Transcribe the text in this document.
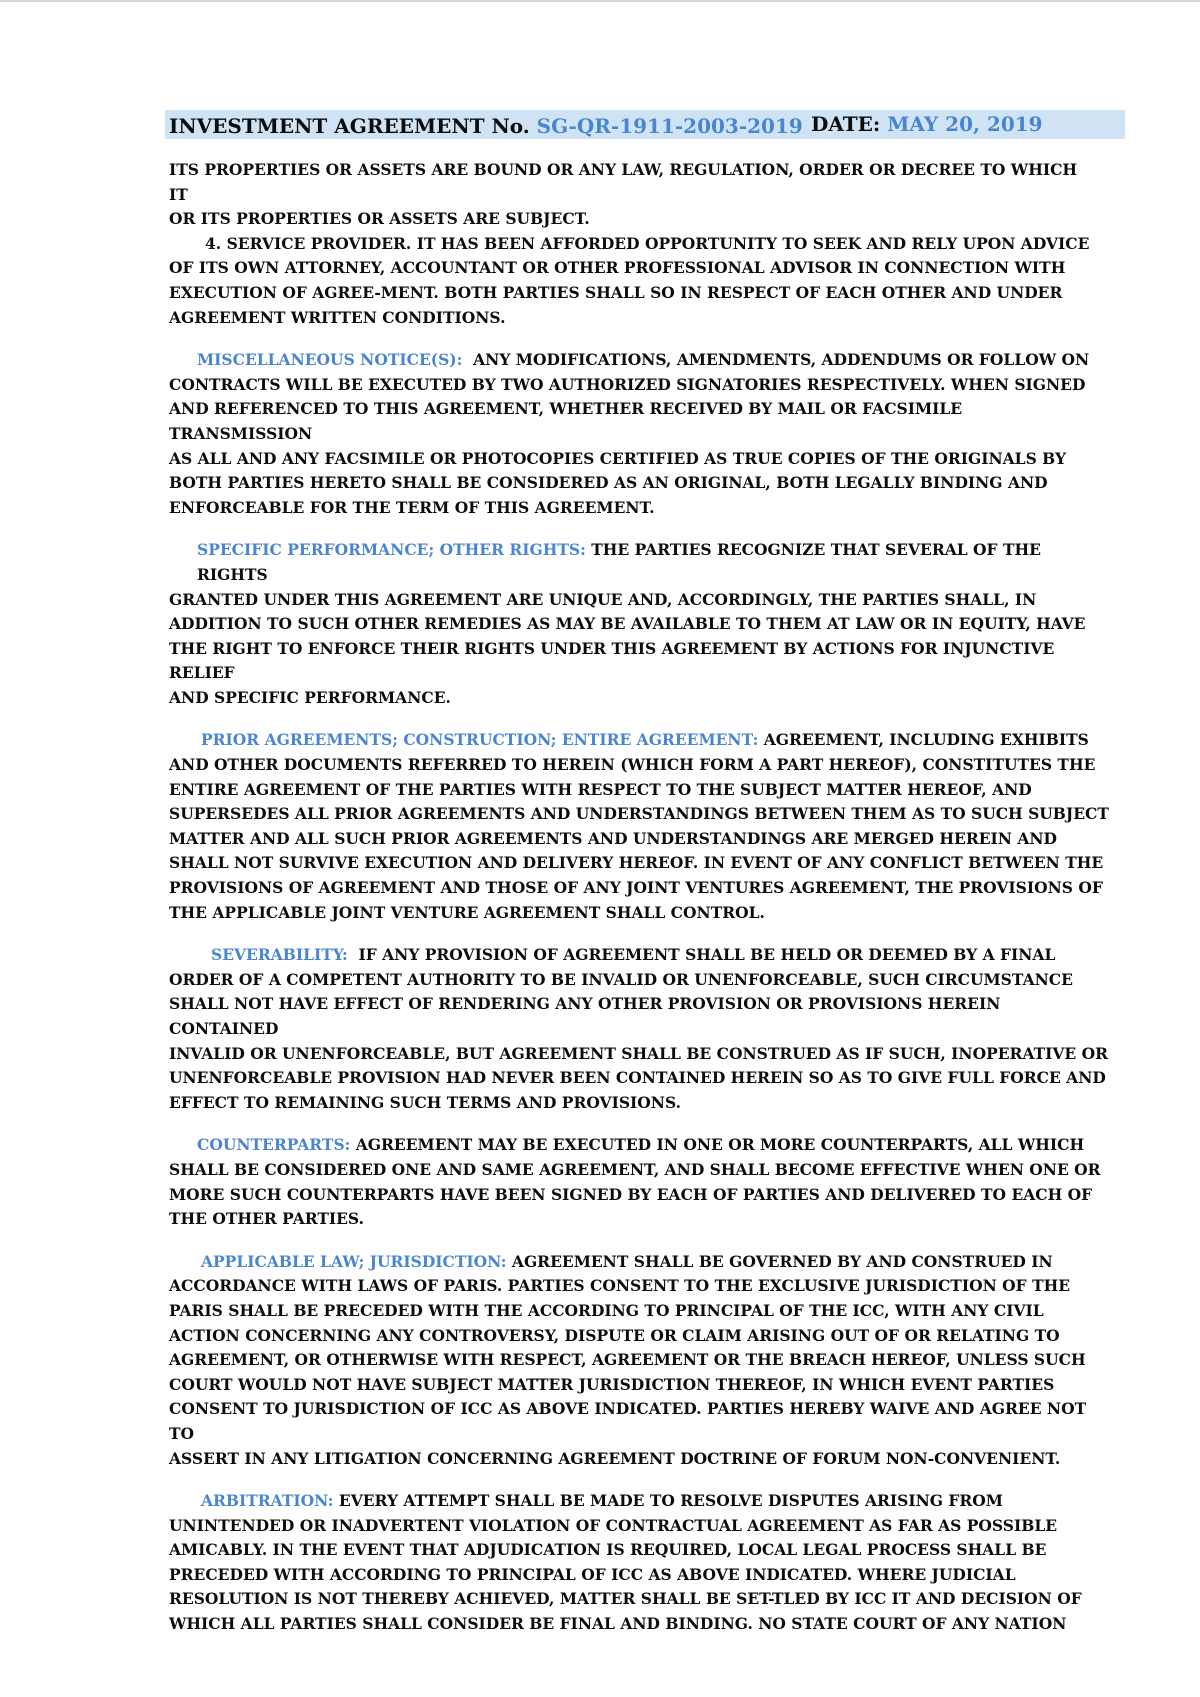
INVESTMENT AGREEMENT No. SG-QR-1911-2003-2019 DATE: MAY 20, 2019
ITS PROPERTIES OR ASSETS ARE BOUND OR ANY LAW, REGULATION, ORDER OR DECREE TO WHICH
IT
OR ITS PROPERTIES OR ASSETS ARE SUBJECT.
4. SERVICE PROVIDER. IT HAS BEEN AFFORDED OPPORTUNITY TO SEEK AND RELY UPON ADVICE
OF ITS OWN ATTORNEY, ACCOUNTANT OR OTHER PROFESSIONAL ADVISOR IN CONNECTION WITH
EXECUTION OF AGREE-MENT. BOTH PARTIES SHALL SO IN RESPECT OF EACH OTHER AND UNDER
AGREEMENT WRITTEN CONDITIONS.
MISCELLANEOUS NOTICE(S): ANY MODIFICATIONS, AMENDMENTS, ADDENDUMS OR FOLLOW ON
CONTRACTS WILL BE EXECUTED BY TWO AUTHORIZED SIGNATORIES RESPECTIVELY. WHEN SIGNED
AND REFERENCED TO THIS AGREEMENT, WHETHER RECEIVED BY MAIL OR FACSIMILE
TRANSMISSION
AS ALL AND ANY FACSIMILE OR PHOTOCOPIES CERTIFIED AS TRUE COPIES OF THE ORIGINALS BY
BOTH PARTIES HERETO SHALL BE CONSIDERED AS AN ORIGINAL, BOTH LEGALLY BINDING AND
ENFORCEABLE FOR THE TERM OF THIS AGREEMENT.
SPECIFIC PERFORMANCE; OTHER RIGHTS: THE PARTIES RECOGNIZE THAT SEVERAL OF THE
RIGHTS
GRANTED UNDER THIS AGREEMENT ARE UNIQUE AND, ACCORDINGLY, THE PARTIES SHALL, IN
ADDITION TO SUCH OTHER REMEDIES AS MAY BE AVAILABLE TO THEM AT LAW OR IN EQUITY, HAVE
THE RIGHT TO ENFORCE THEIR RIGHTS UNDER THIS AGREEMENT BY ACTIONS FOR INJUNCTIVE
RELIEF
AND SPECIFIC PERFORMANCE.
PRIOR AGREEMENTS; CONSTRUCTION; ENTIRE AGREEMENT: AGREEMENT, INCLUDING EXHIBITS
AND OTHER DOCUMENTS REFERRED TO HEREIN (WHICH FORM A PART HEREOF), CONSTITUTES THE
ENTIRE AGREEMENT OF THE PARTIES WITH RESPECT TO THE SUBJECT MATTER HEREOF, AND
SUPERSEDES ALL PRIOR AGREEMENTS AND UNDERSTANDINGS BETWEEN THEM AS TO SUCH SUBJECT
MATTER AND ALL SUCH PRIOR AGREEMENTS AND UNDERSTANDINGS ARE MERGED HEREIN AND
SHALL NOT SURVIVE EXECUTION AND DELIVERY HEREOF. IN EVENT OF ANY CONFLICT BETWEEN THE
PROVISIONS OF AGREEMENT AND THOSE OF ANY JOINT VENTURES AGREEMENT, THE PROVISIONS OF
THE APPLICABLE JOINT VENTURE AGREEMENT SHALL CONTROL.
SEVERABILITY: IF ANY PROVISION OF AGREEMENT SHALL BE HELD OR DEEMED BY A FINAL
ORDER OF A COMPETENT AUTHORITY TO BE INVALID OR UNENFORCEABLE, SUCH CIRCUMSTANCE
SHALL NOT HAVE EFFECT OF RENDERING ANY OTHER PROVISION OR PROVISIONS HEREIN
CONTAINED
INVALID OR UNENFORCEABLE, BUT AGREEMENT SHALL BE CONSTRUED AS IF SUCH, INOPERATIVE OR
UNENFORCEABLE PROVISION HAD NEVER BEEN CONTAINED HEREIN SO AS TO GIVE FULL FORCE AND
EFFECT TO REMAINING SUCH TERMS AND PROVISIONS.
COUNTERPARTS: AGREEMENT MAY BE EXECUTED IN ONE OR MORE COUNTERPARTS, ALL WHICH
SHALL BE CONSIDERED ONE AND SAME AGREEMENT, AND SHALL BECOME EFFECTIVE WHEN ONE OR
MORE SUCH COUNTERPARTS HAVE BEEN SIGNED BY EACH OF PARTIES AND DELIVERED TO EACH OF
THE OTHER PARTIES.
APPLICABLE LAW; JURISDICTION: AGREEMENT SHALL BE GOVERNED BY AND CONSTRUED IN
ACCORDANCE WITH LAWS OF PARIS. PARTIES CONSENT TO THE EXCLUSIVE JURISDICTION OF THE
PARIS SHALL BE PRECEDED WITH THE ACCORDING TO PRINCIPAL OF THE ICC, WITH ANY CIVIL
ACTION CONCERNING ANY CONTROVERSY, DISPUTE OR CLAIM ARISING OUT OF OR RELATING TO
AGREEMENT, OR OTHERWISE WITH RESPECT, AGREEMENT OR THE BREACH HEREOF, UNLESS SUCH
COURT WOULD NOT HAVE SUBJECT MATTER JURISDICTION THEREOF, IN WHICH EVENT PARTIES
CONSENT TO JURISDICTION OF ICC AS ABOVE INDICATED. PARTIES HEREBY WAIVE AND AGREE NOT
TO
ASSERT IN ANY LITIGATION CONCERNING AGREEMENT DOCTRINE OF FORUM NON-CONVENIENT.
ARBITRATION: EVERY ATTEMPT SHALL BE MADE TO RESOLVE DISPUTES ARISING FROM
UNINTENDED OR INADVERTENT VIOLATION OF CONTRACTUAL AGREEMENT AS FAR AS POSSIBLE
AMICABLY. IN THE EVENT THAT ADJUDICATION IS REQUIRED, LOCAL LEGAL PROCESS SHALL BE
PRECEDED WITH ACCORDING TO PRINCIPAL OF ICC AS ABOVE INDICATED. WHERE JUDICIAL
RESOLUTION IS NOT THEREBY ACHIEVED, MATTER SHALL BE SET-TLED BY ICC IT AND DECISION OF
WHICH ALL PARTIES SHALL CONSIDER BE FINAL AND BINDING. NO STATE COURT OF ANY NATION
